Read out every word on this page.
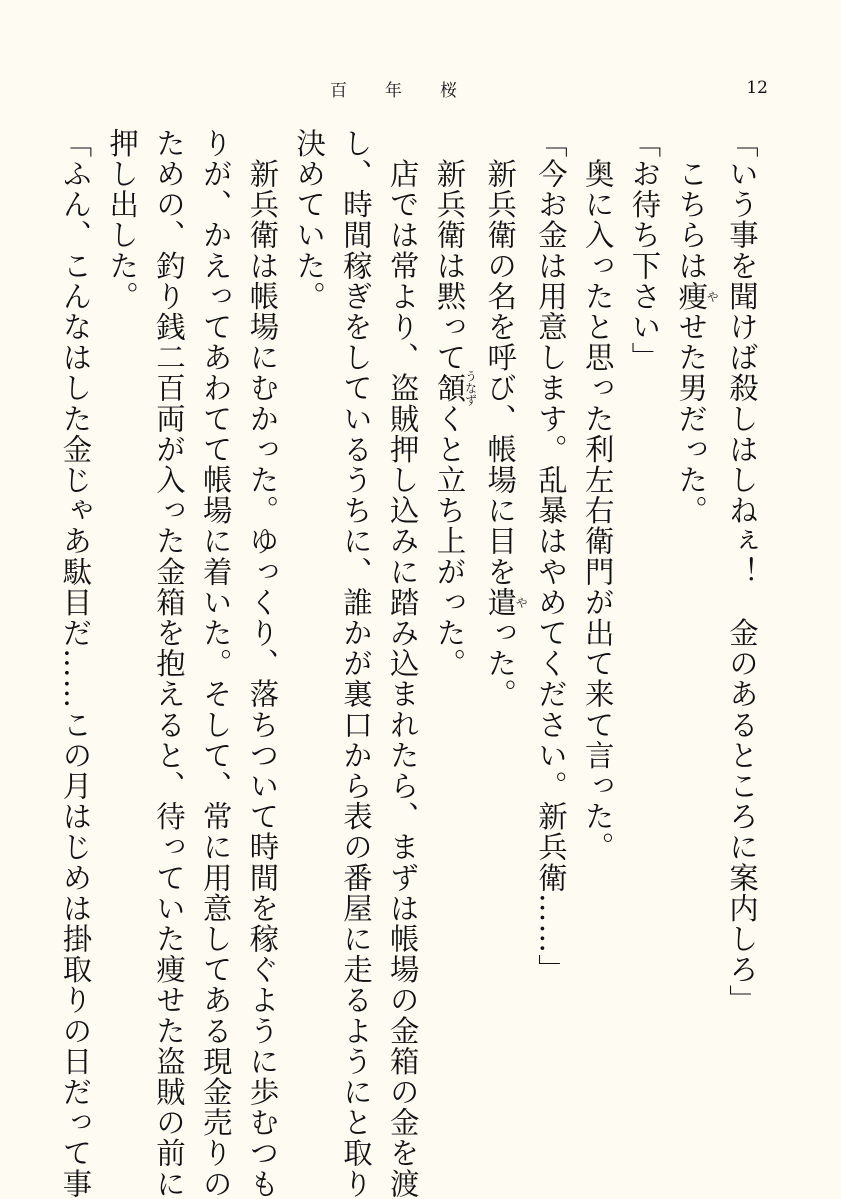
百年桜	12
「いう事を聞けば殺しはしねぇ！　金のあるところに案内しろ」
　こちらは痩やせた男だった。
「お待ち下さい」
　奥に入ったと思った利左右衛門が出て来て言った。
「今お金は用意します。乱暴はやめてください。新兵衛……」
　新兵衛の名を呼び、帳場に目を遣やった。
　新兵衛は黙って頷うなずくと立ち上がった。
　店では常より、盗賊押し込みに踏み込まれたら、まずは帳場の金箱の金を渡
し、時間稼ぎをしているうちに、誰かが裏口から表の番屋に走るようにと取り
決めていた。
　新兵衛は帳場にむかった。ゆっくり、落ちついて時間を稼ぐように歩むつも
りが、かえってあわてて帳場に着いた。そして、常に用意してある現金売りの
ための、釣り銭二百両が入った金箱を抱えると、待っていた痩せた盗賊の前に
押し出した。
「ふん、こんなはした金じゃあ駄目だ……この月はじめは掛取りの日だって事
